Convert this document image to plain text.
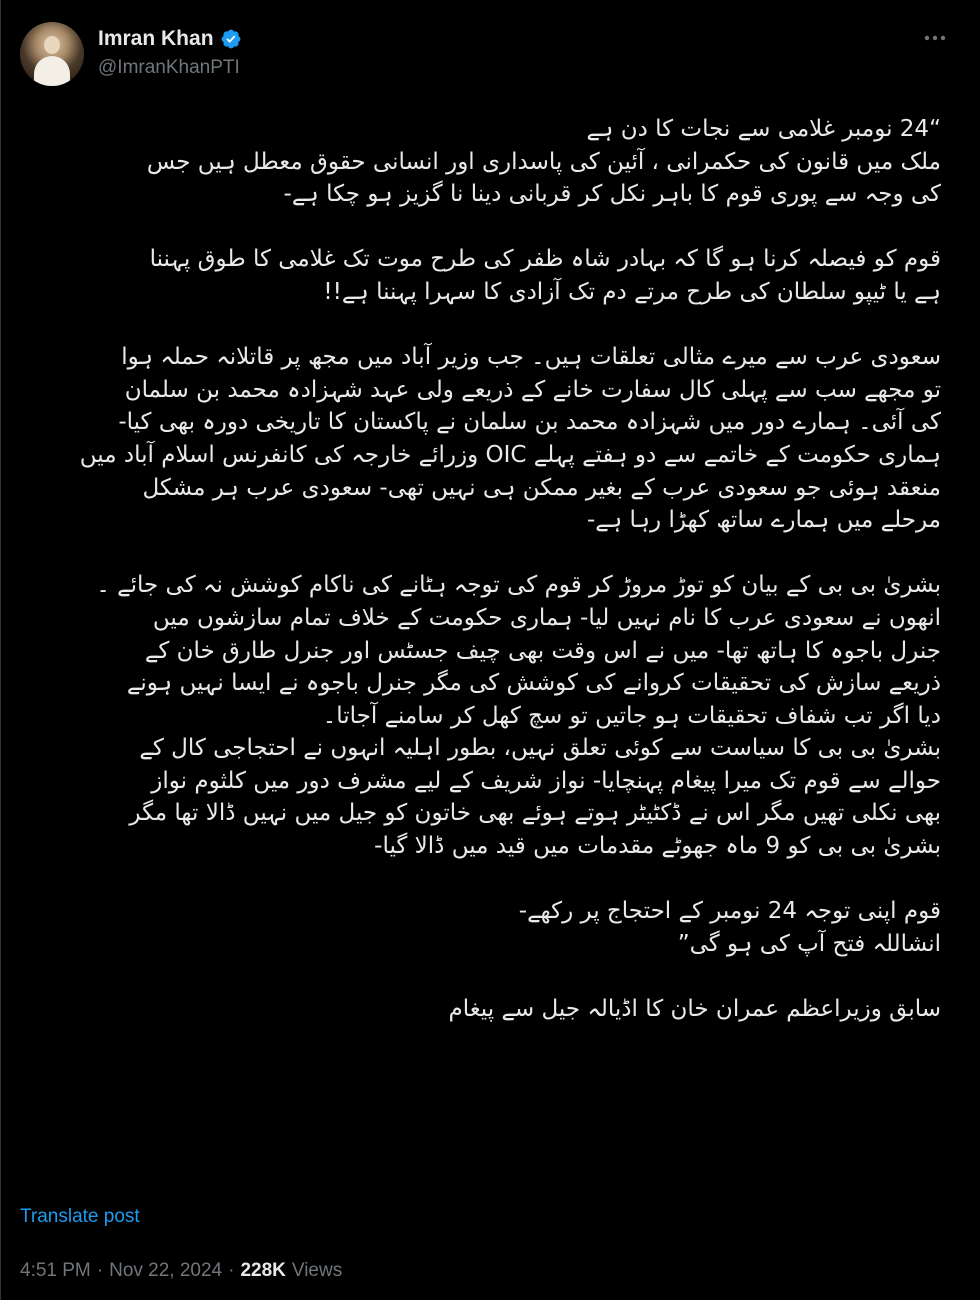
Imran Khan
@ImranKhanPTI
“24 نومبر غلامی سے نجات کا دن ہے
ملک میں قانون کی حکمرانی ، آئین کی پاسداری اور انسانی حقوق معطل ہیں جس
کی وجہ سے پوری قوم کا باہر نکل کر قربانی دینا نا گزیز ہو چکا ہے-
قوم کو فیصلہ کرنا ہو گا کہ بہادر شاہ ظفر کی طرح موت تک غلامی کا طوق پہننا
ہے یا ٹیپو سلطان کی طرح مرتے دم تک آزادی کا سہرا پہننا ہے!!
سعودی عرب سے میرے مثالی تعلقات ہیں۔ جب وزیر آباد میں مجھ پر قاتلانہ حملہ ہوا
تو مجھے سب سے پہلی کال سفارت خانے کے ذریعے ولی عہد شہزادہ محمد بن سلمان
کی آئی۔ ہمارے دور میں شہزادہ محمد بن سلمان نے پاکستان کا تاریخی دورہ بھی کیا-
ہماری حکومت کے خاتمے سے دو ہفتے پہلے OIC وزرائے خارجہ کی کانفرنس اسلام آباد میں
منعقد ہوئی جو سعودی عرب کے بغیر ممکن ہی نہیں تھی- سعودی عرب ہر مشکل
مرحلے میں ہمارے ساتھ کھڑا رہا ہے-
بشریٰ بی بی کے بیان کو توڑ مروڑ کر قوم کی توجہ ہٹانے کی ناکام کوشش نہ کی جائے ۔
انھوں نے سعودی عرب کا نام نہیں لیا- ہماری حکومت کے خلاف تمام سازشوں میں
جنرل باجوہ کا ہاتھ تھا- میں نے اس وقت بھی چیف جسٹس اور جنرل طارق خان کے
ذریعے سازش کی تحقیقات کروانے کی کوشش کی مگر جنرل باجوہ نے ایسا نہیں ہونے
دیا اگر تب شفاف تحقیقات ہو جاتیں تو سچ کھل کر سامنے آجاتا۔
بشریٰ بی بی کا سیاست سے کوئی تعلق نہیں، بطور اہلیہ انہوں نے احتجاجی کال کے
حوالے سے قوم تک میرا پیغام پہنچایا- نواز شریف کے لیے مشرف دور میں کلثوم نواز
بھی نکلی تھیں مگر اس نے ڈکٹیٹر ہوتے ہوئے بھی خاتون کو جیل میں نہیں ڈالا تھا مگر
بشریٰ بی بی کو 9 ماہ جھوٹے مقدمات میں قید میں ڈالا گیا-
قوم اپنی توجہ 24 نومبر کے احتجاج پر رکھے-
انشاللہ فتح آپ کی ہو گی”
سابق وزیراعظم عمران خان کا اڈیالہ جیل سے پیغام
Translate post
4:51 PM · Nov 22, 2024 · 228K Views
